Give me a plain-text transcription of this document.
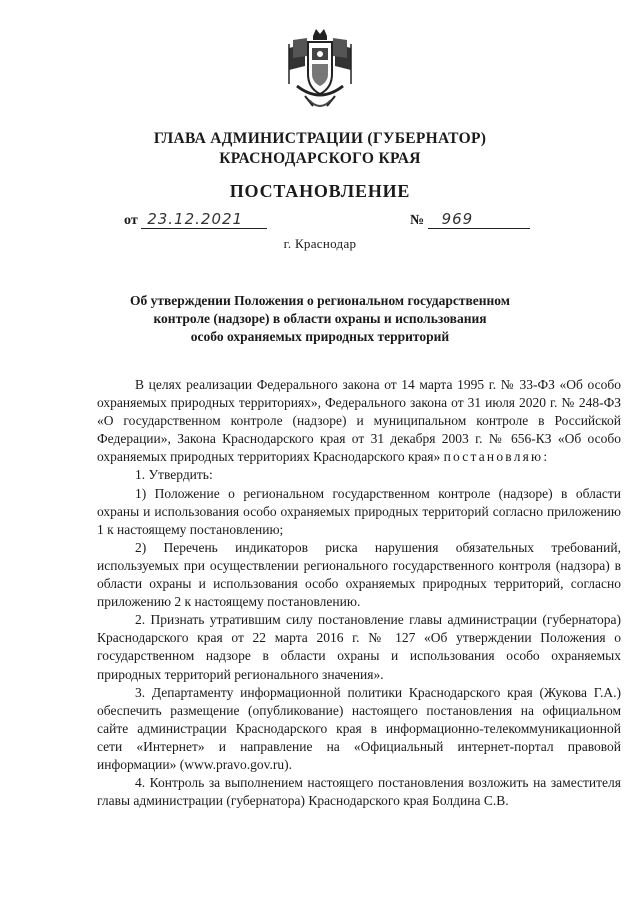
ГЛАВА АДМИНИСТРАЦИИ (ГУБЕРНАТОР)
КРАСНОДАРСКОГО КРАЯ
ПОСТАНОВЛЕНИЕ
от 23.12.2021	№ 969
г. Краснодар
Об утверждении Положения о региональном государственном
контроле (надзоре) в области охраны и использования
особо охраняемых природных территорий

В целях реализации Федерального закона от 14 марта 1995 г. № 33-ФЗ «Об особо охраняемых природных территориях», Федерального закона от 31 июля 2020 г. № 248-ФЗ «О государственном контроле (надзоре) и муниципальном контроле в Российской Федерации», Закона Краснодарского края от 31 декабря 2003 г. № 656-КЗ «Об особо охраняемых природных территориях Краснодарского края» постановляю:

1. Утвердить:

1) Положение о региональном государственном контроле (надзоре) в области охраны и использования особо охраняемых природных территорий согласно приложению 1 к настоящему постановлению;

2) Перечень индикаторов риска нарушения обязательных требований, используемых при осуществлении регионального государственного контроля (надзора) в области охраны и использования особо охраняемых природных территорий, согласно приложению 2 к настоящему постановлению.

2. Признать утратившим силу постановление главы администрации (губернатора) Краснодарского края от 22 марта 2016 г. № 127 «Об утверждении Положения о государственном надзоре в области охраны и использования особо охраняемых природных территорий регионального значения».

3. Департаменту информационной политики Краснодарского края (Жукова Г.А.) обеспечить размещение (опубликование) настоящего постановления на официальном сайте администрации Краснодарского края в информационно-телекоммуникационной сети «Интернет» и направление на «Официальный интернет-портал правовой информации» (www.pravo.gov.ru).

4. Контроль за выполнением настоящего постановления возложить на заместителя главы администрации (губернатора) Краснодарского края Болдина С.В.
